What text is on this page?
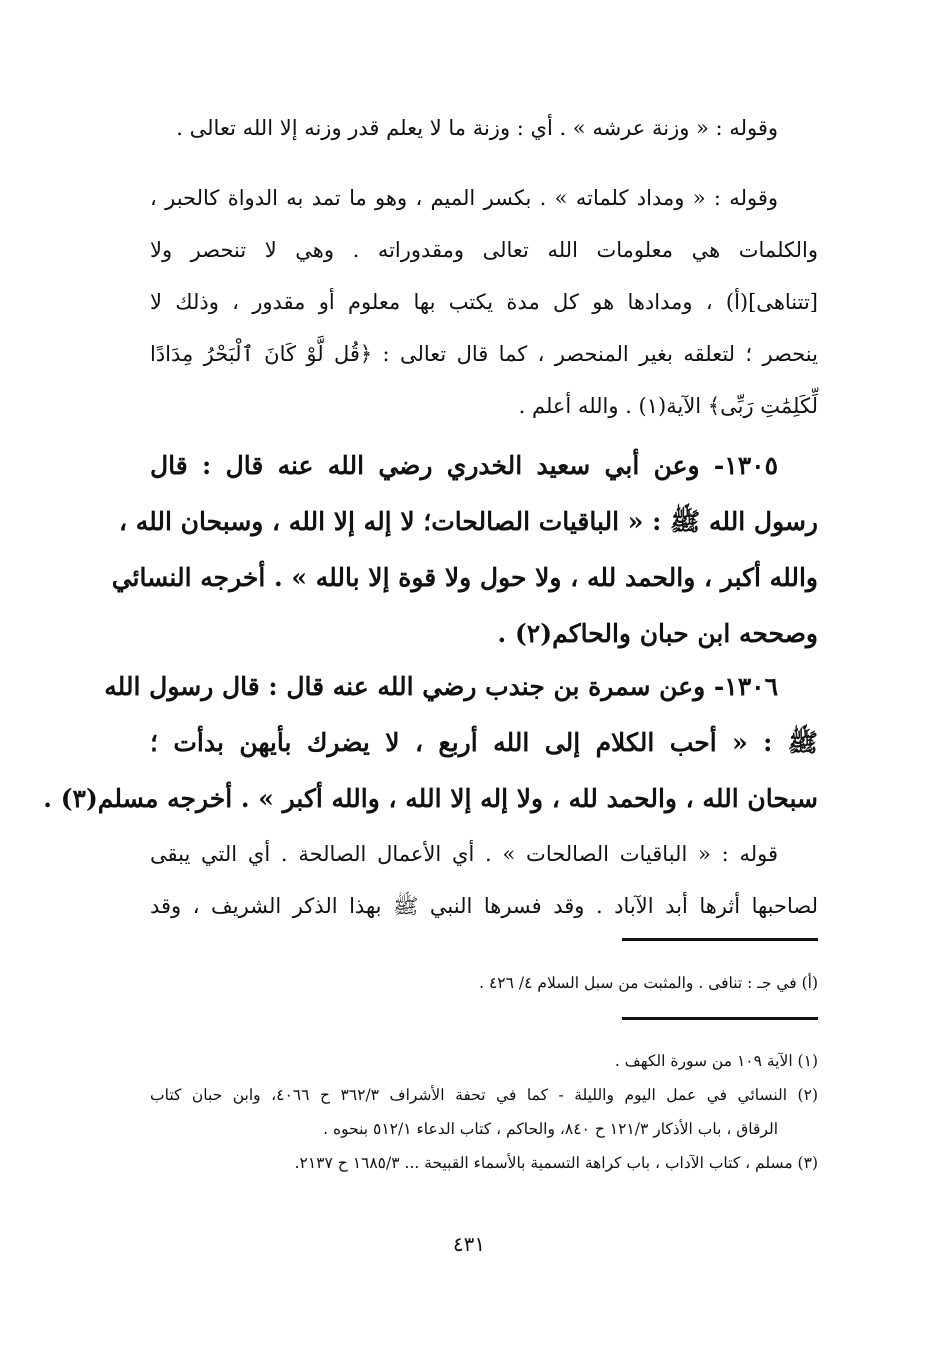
وقوله : « وزنة عرشه » . أي : وزنة ما لا يعلم قدر وزنه إلا الله تعالى .
وقوله : « ومداد كلماته » . بكسر الميم ، وهو ما تمد به الدواة كالحبر ،
والكلمات هي معلومات الله تعالى ومقدوراته . وهي لا تنحصر ولا
[تتناهى](أ) ، ومدادها هو كل مدة يكتب بها معلوم أو مقدور ، وذلك لا
ينحصر ؛ لتعلقه بغير المنحصر ، كما قال تعالى : ﴿قُل لَّوْ كَانَ ٱلْبَحْرُ مِدَادًا
لِّكَلِمَٰتِ رَبِّى﴾ الآية(١) . والله أعلم .
١٣٠٥- وعن أبي سعيد الخدري رضي الله عنه قال : قال
رسول الله ﷺ : « الباقيات الصالحات؛ لا إله إلا الله ، وسبحان الله ،
والله أكبر ، والحمد لله ، ولا حول ولا قوة إلا بالله » . أخرجه النسائي
وصححه ابن حبان والحاكم(٢) .
١٣٠٦- وعن سمرة بن جندب رضي الله عنه قال : قال رسول الله
ﷺ : « أحب الكلام إلى الله أربع ، لا يضرك بأيهن بدأت ؛
سبحان الله ، والحمد لله ، ولا إله إلا الله ، والله أكبر » . أخرجه مسلم(٣) .
قوله : « الباقيات الصالحات » . أي الأعمال الصالحة . أي التي يبقى
لصاحبها أثرها أبد الآباد . وقد فسرها النبي ﷺ بهذا الذكر الشريف ، وقد
(أ) في جـ : تنافى . والمثبت من سبل السلام ٤/ ٤٢٦ .
(١) الآية ١٠٩ من سورة الكهف .
(٢) النسائي في عمل اليوم والليلة - كما في تحفة الأشراف ٣٦٢/٣ ح ٤٠٦٦، وابن حبان كتاب
الرقاق ، باب الأذكار ١٢١/٣ ح ٨٤٠، والحاكم ، كتاب الدعاء ٥١٢/١ بنحوه .
(٣) مسلم ، كتاب الآداب ، باب كراهة التسمية بالأسماء القبيحة ... ١٦٨٥/٣ ح ٢١٣٧.
٤٣١
